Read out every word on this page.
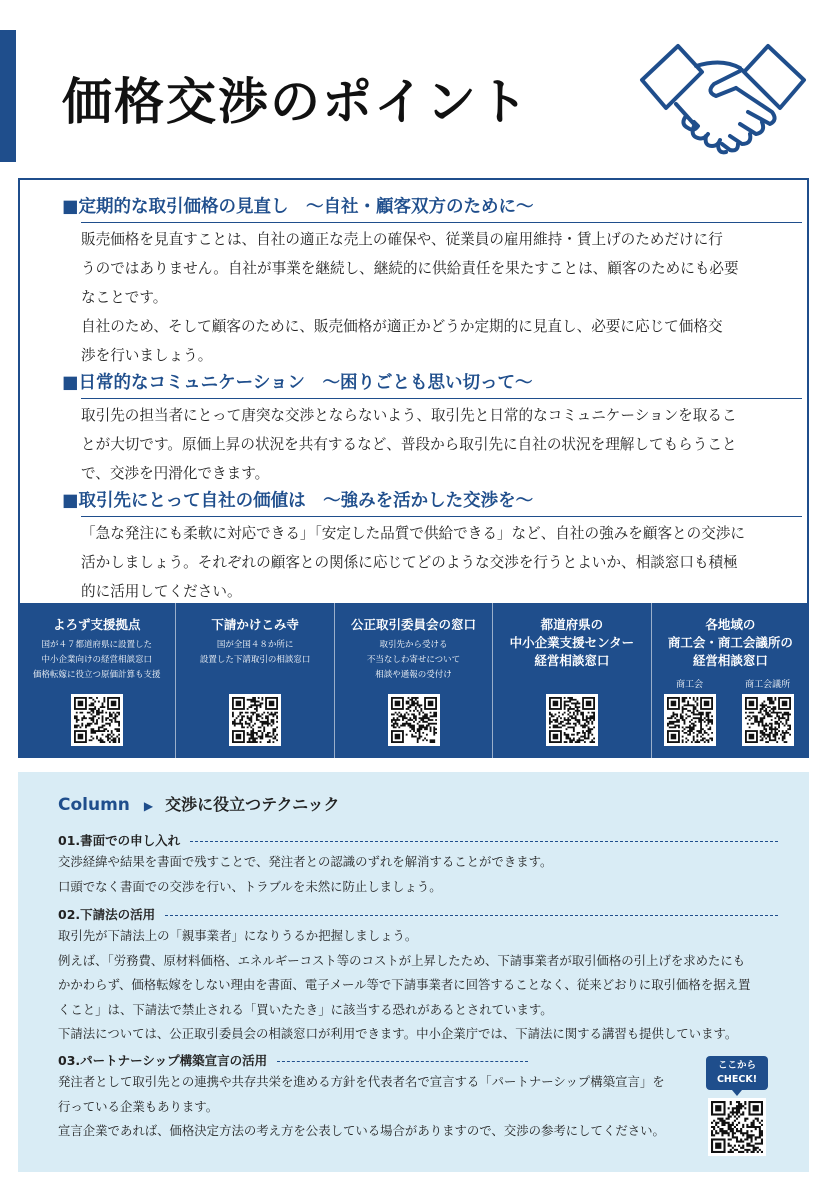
価格交渉のポイント
■定期的な取引価格の見直し　～自社・顧客双方のために～

販売価格を見直すことは、自社の適正な売上の確保や、従業員の雇用維持・賃上げのためだけに行

うのではありません。自社が事業を継続し、継続的に供給責任を果たすことは、顧客のためにも必要

なことです。

自社のため、そして顧客のために、販売価格が適正かどうか定期的に見直し、必要に応じて価格交

渉を行いましょう。

■日常的なコミュニケーション　～困りごとも思い切って～

取引先の担当者にとって唐突な交渉とならないよう、取引先と日常的なコミュニケーションを取るこ

とが大切です。原価上昇の状況を共有するなど、普段から取引先に自社の状況を理解してもらうこと

で、交渉を円滑化できます。

■取引先にとって自社の価値は　～強みを活かした交渉を～

「急な発注にも柔軟に対応できる」「安定した品質で供給できる」など、自社の強みを顧客との交渉に

活かしましょう。それぞれの顧客との関係に応じてどのような交渉を行うとよいか、相談窓口も積極

的に活用してください。

よろず支援拠点
国が４７都道府県に設置した
中小企業向けの経営相談窓口
価格転嫁に役立つ原価計算も支援
下請かけこみ寺
国が全国４８か所に
設置した下請取引の相談窓口
公正取引委員会の窓口
取引先から受ける
不当なしわ寄せについて
相談や通報の受付け
都道府県の
中小企業支援センター
経営相談窓口
各地域の
商工会・商工会議所の
経営相談窓口
商工会	商工会議所
Column ▶ 交渉に役立つテクニック
01.書面での申し入れ

交渉経緯や結果を書面で残すことで、発注者との認識のずれを解消することができます。

口頭でなく書面での交渉を行い、トラブルを未然に防止しましょう。

02.下請法の活用

取引先が下請法上の「親事業者」になりうるか把握しましょう。

例えば、｢労務費、原材料価格、エネルギーコスト等のコストが上昇したため、下請事業者が取引価格の引上げを求めたにも

かかわらず、価格転嫁をしない理由を書面、電子メール等で下請事業者に回答することなく、従来どおりに取引価格を据え置

くこと」は、下請法で禁止される「買いたたき」に該当する恐れがあるとされています。

下請法については、公正取引委員会の相談窓口が利用できます。中小企業庁では、下請法に関する講習も提供しています。

03.パートナーシップ構築宣言の活用

発注者として取引先との連携や共存共栄を進める方針を代表者名で宣言する「パートナーシップ構築宣言」を

行っている企業もあります。

宣言企業であれば、価格決定方法の考え方を公表している場合がありますので、交渉の参考にしてください。

ここから
CHECK!
